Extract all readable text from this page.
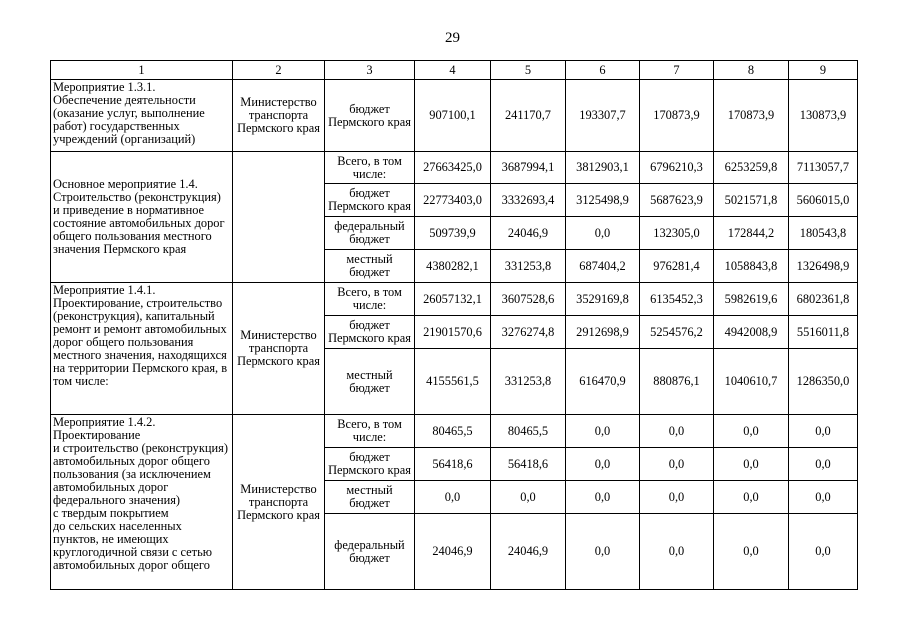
29
1	2	3	4	5	6	7	8	9
Мероприятие 1.3.1.
Обеспечение деятельности (оказание услуг, выполнение работ) государственных учреждений (организаций)	Министерство транспорта Пермского края	бюджет Пермского края	907100,1	241170,7	193307,7	170873,9	170873,9	130873,9
Основное мероприятие 1.4.
Строительство (реконструкция) и приведение в нормативное состояние автомобильных дорог общего пользования местного значения Пермского края		Всего, в том числе:	27663425,0	3687994,1	3812903,1	6796210,3	6253259,8	7113057,7
		бюджет Пермского края	22773403,0	3332693,4	3125498,9	5687623,9	5021571,8	5606015,0
		федеральный бюджет	509739,9	24046,9	0,0	132305,0	172844,2	180543,8
		местный бюджет	4380282,1	331253,8	687404,2	976281,4	1058843,8	1326498,9
Мероприятие 1.4.1.
Проектирование, строительство (реконструкция), капитальный ремонт и ремонт автомобильных дорог общего пользования местного значения, находящихся на территории Пермского края, в том числе:	Министерство транспорта Пермского края	Всего, в том числе:	26057132,1	3607528,6	3529169,8	6135452,3	5982619,6	6802361,8
		бюджет Пермского края	21901570,6	3276274,8	2912698,9	5254576,2	4942008,9	5516011,8
		местный бюджет	4155561,5	331253,8	616470,9	880876,1	1040610,7	1286350,0
Мероприятие 1.4.2.
Проектирование
и строительство (реконструкция) автомобильных дорог общего пользования (за исключением автомобильных дорог федерального значения)
с твердым покрытием
до сельских населенных пунктов, не имеющих круглогодичной связи с сетью автомобильных дорог общего	Министерство транспорта Пермского края	Всего, в том числе:	80465,5	80465,5	0,0	0,0	0,0	0,0
		бюджет Пермского края	56418,6	56418,6	0,0	0,0	0,0	0,0
		местный бюджет	0,0	0,0	0,0	0,0	0,0	0,0
		федеральный бюджет	24046,9	24046,9	0,0	0,0	0,0	0,0
